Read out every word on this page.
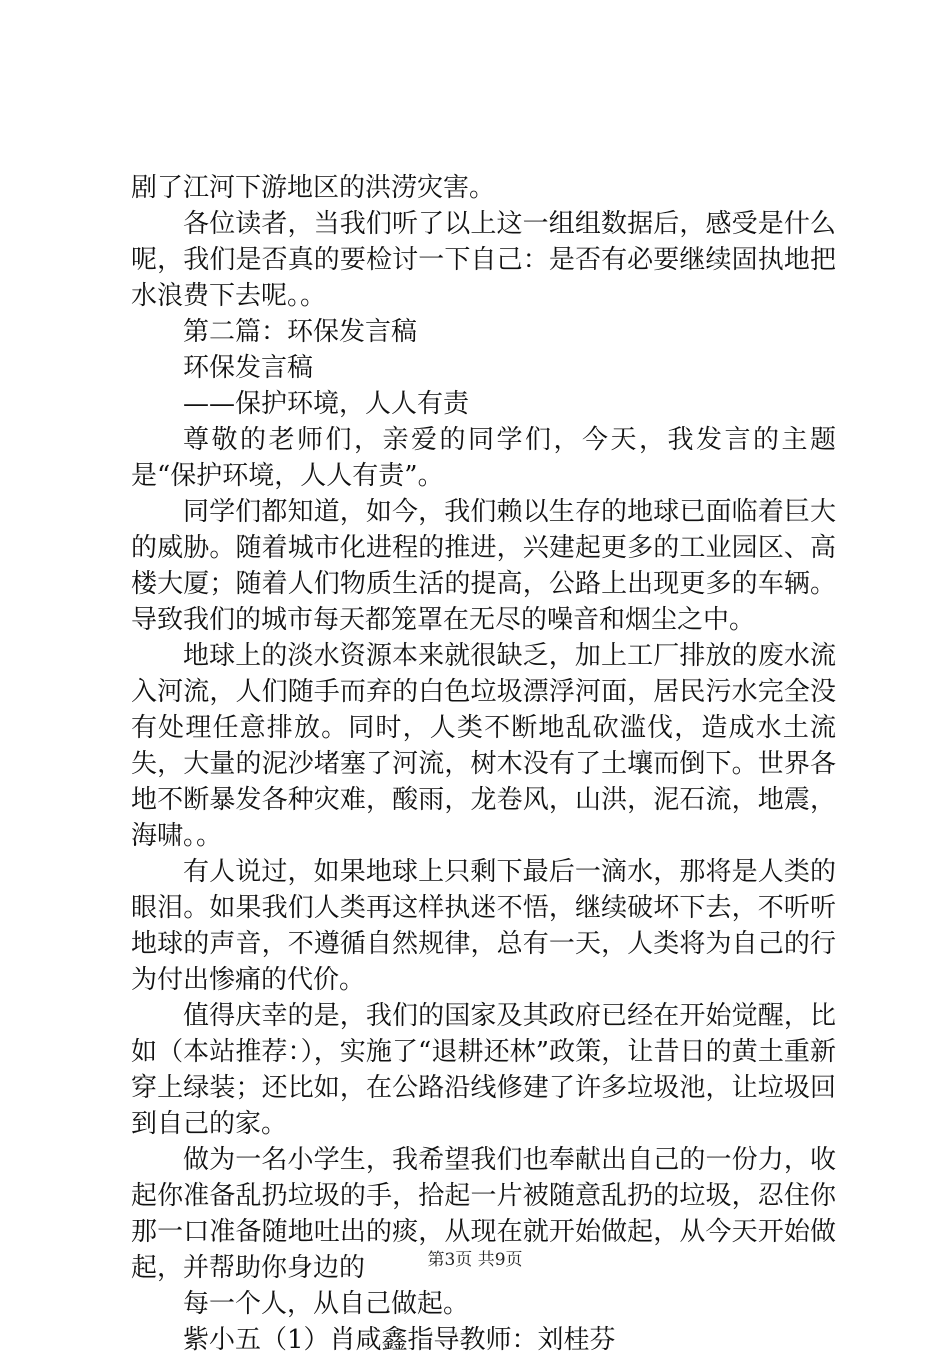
剧了江河下游地区的洪涝灾害。

各位读者，当我们听了以上这一组组数据后，感受是什么呢，我们是否真的要检讨一下自己：是否有必要继续固执地把水浪费下去呢。。

第二篇：环保发言稿

环保发言稿

——保护环境，人人有责

尊敬的老师们，亲爱的同学们，今天，我发言的主题是“保护环境，人人有责”。

同学们都知道，如今，我们赖以生存的地球已面临着巨大的威胁。随着城市化进程的推进，兴建起更多的工业园区、高楼大厦；随着人们物质生活的提高，公路上出现更多的车辆。导致我们的城市每天都笼罩在无尽的噪音和烟尘之中。

地球上的淡水资源本来就很缺乏，加上工厂排放的废水流入河流，人们随手而弃的白色垃圾漂浮河面，居民污水完全没有处理任意排放。同时，人类不断地乱砍滥伐，造成水土流失，大量的泥沙堵塞了河流，树木没有了土壤而倒下。世界各地不断暴发各种灾难，酸雨，龙卷风，山洪，泥石流，地震，海啸。。

有人说过，如果地球上只剩下最后一滴水，那将是人类的眼泪。如果我们人类再这样执迷不悟，继续破坏下去，不听听地球的声音，不遵循自然规律，总有一天，人类将为自己的行为付出惨痛的代价。

值得庆幸的是，我们的国家及其政府已经在开始觉醒，比如（本站推荐：），实施了“退耕还林”政策，让昔日的黄土重新穿上绿装；还比如，在公路沿线修建了许多垃圾池，让垃圾回到自己的家。

做为一名小学生，我希望我们也奉献出自己的一份力，收起你准备乱扔垃圾的手，拾起一片被随意乱扔的垃圾，忍住你那一口准备随地吐出的痰，从现在就开始做起，从今天开始做起，并帮助你身边的

每一个人，从自己做起。

紫小五（1）肖咸鑫指导教师：刘桂芬

第3页 共9页
